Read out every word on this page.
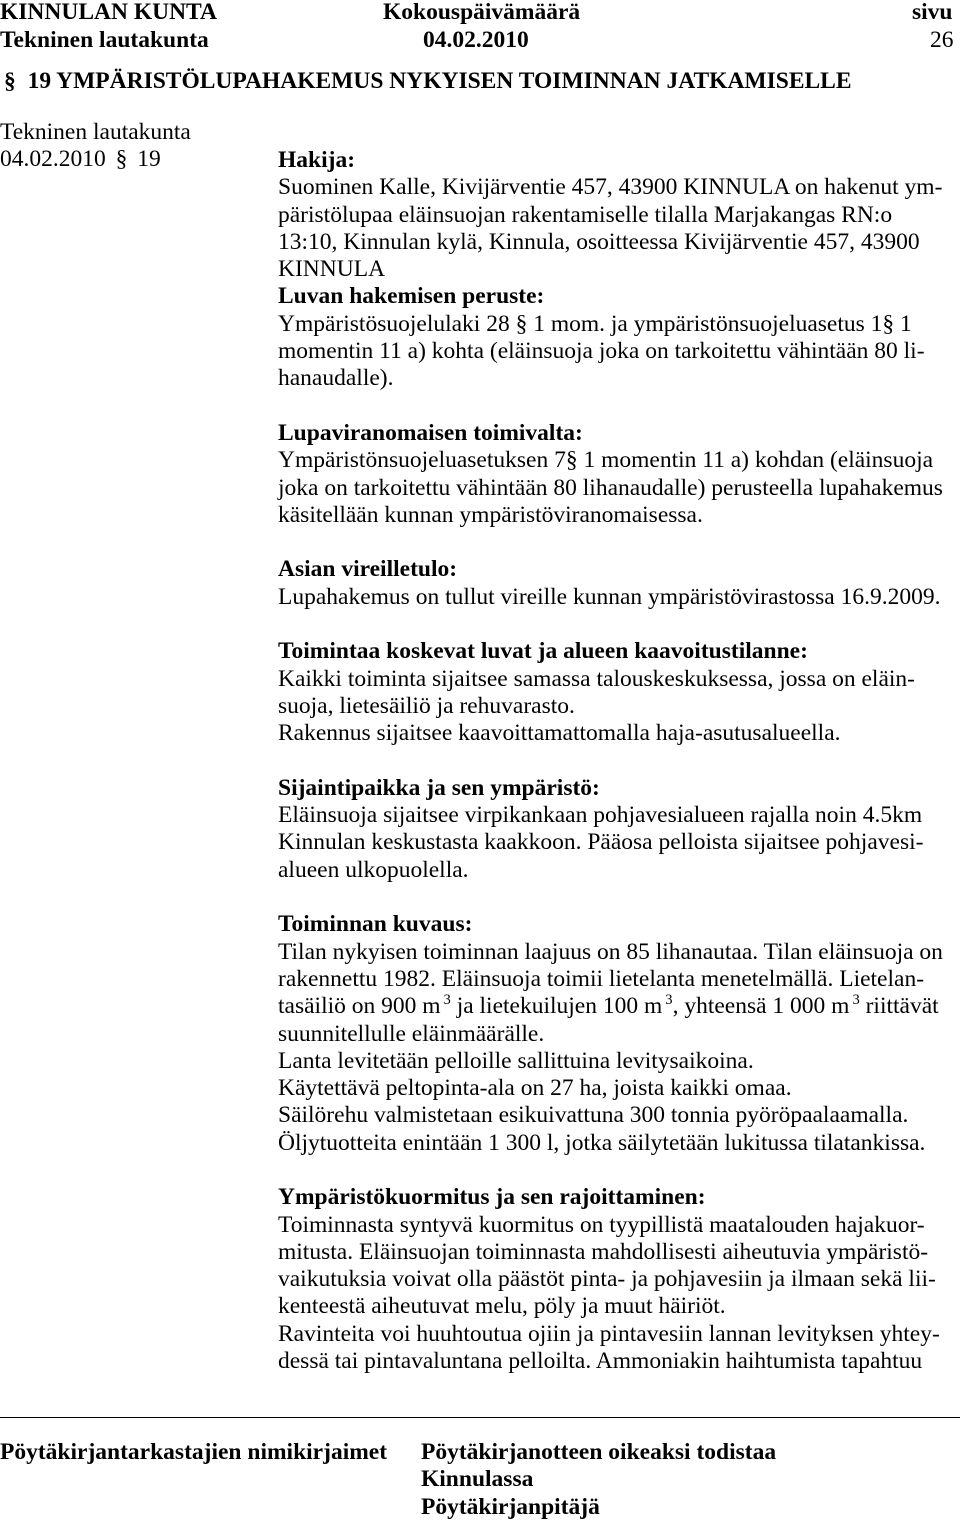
KINNULAN KUNTA	Kokouspäivämäärä	sivu
Tekninen lautakunta	04.02.2010	26
§ 19 YMPÄRISTÖLUPAHAKEMUS NYKYISEN TOIMINNAN JATKAMISELLE
Tekninen lautakunta
04.02.2010 § 19	Hakija:
Suominen Kalle, Kivijärventie 457, 43900 KINNULA on hakenut ym-
päristölupaa eläinsuojan rakentamiselle tilalla Marjakangas RN:o
13:10, Kinnulan kylä, Kinnula, osoitteessa Kivijärventie 457, 43900
KINNULA
Luvan hakemisen peruste:
Ympäristösuojelulaki 28 § 1 mom. ja ympäristönsuojeluasetus 1§ 1
momentin 11 a) kohta (eläinsuoja joka on tarkoitettu vähintään 80 li-
hanaudalle).
Lupaviranomaisen toimivalta:
Ympäristönsuojeluasetuksen 7§ 1 momentin 11 a) kohdan (eläinsuoja
joka on tarkoitettu vähintään 80 lihanaudalle) perusteella lupahakemus
käsitellään kunnan ympäristöviranomaisessa.
Asian vireilletulo:
Lupahakemus on tullut vireille kunnan ympäristövirastossa 16.9.2009.
Toimintaa koskevat luvat ja alueen kaavoitustilanne:
Kaikki toiminta sijaitsee samassa talouskeskuksessa, jossa on eläin-
suoja, lietesäiliö ja rehuvarasto.
Rakennus sijaitsee kaavoittamattomalla haja-asutusalueella.
Sijaintipaikka ja sen ympäristö:
Eläinsuoja sijaitsee virpikankaan pohjavesialueen rajalla noin 4.5km
Kinnulan keskustasta kaakkoon. Pääosa pelloista sijaitsee pohjavesi-
alueen ulkopuolella.
Toiminnan kuvaus:
Tilan nykyisen toiminnan laajuus on 85 lihanautaa. Tilan eläinsuoja on
rakennettu 1982. Eläinsuoja toimii lietelanta menetelmällä. Lietelan-
tasäiliö on 900 m $^3$ ja lietekuilujen 100 m $^3$, yhteensä 1 000 m $^3$ riittävät
suunnitellulle eläinmäärälle.
Lanta levitetään pelloille sallittuina levitysaikoina.
Käytettävä peltopinta-ala on 27 ha, joista kaikki omaa.
Säilörehu valmistetaan esikuivattuna 300 tonnia pyöröpaalaamalla.
Öljytuotteita enintään 1 300 l, jotka säilytetään lukitussa tilatankissa.
Ympäristökuormitus ja sen rajoittaminen:
Toiminnasta syntyvä kuormitus on tyypillistä maatalouden hajakuor-
mitusta. Eläinsuojan toiminnasta mahdollisesti aiheutuvia ympäristö-
vaikutuksia voivat olla päästöt pinta- ja pohjavesiin ja ilmaan sekä lii-
kenteestä aiheutuvat melu, pöly ja muut häiriöt.
Ravinteita voi huuhtoutua ojiin ja pintavesiin lannan levityksen yhtey-
dessä tai pintavaluntana pelloilta. Ammoniakin haihtumista tapahtuu
Pöytäkirjantarkastajien nimikirjaimet Pöytäkirjanotteen oikeaksi todistaa
Kinnulassa
Pöytäkirjanpitäjä
